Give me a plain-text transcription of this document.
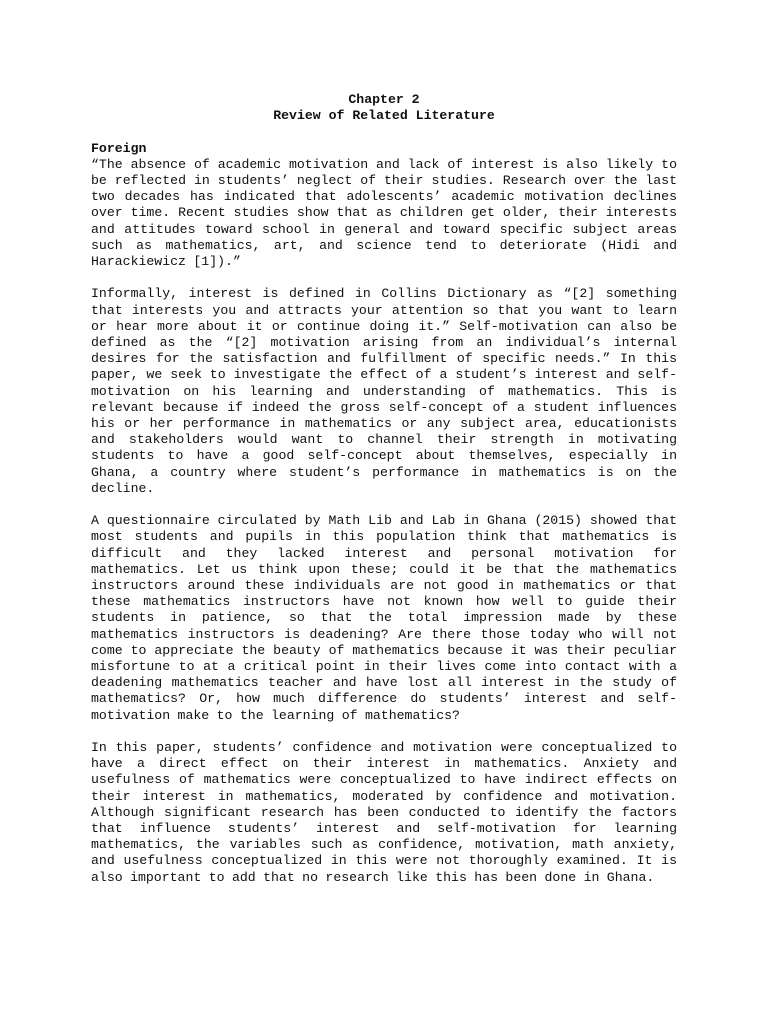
Chapter 2

Review of Related Literature

Foreign

“The absence of academic motivation and lack of interest is also likely to be reflected in students’ neglect of their studies. Research over the last two decades has indicated that adolescents’ academic motivation declines over time. Recent studies show that as children get older, their interests and attitudes toward school in general and toward specific subject areas such as mathematics, art, and science tend to deteriorate (Hidi and Harackiewicz [1]).”

Informally, interest is defined in Collins Dictionary as “[2] something that interests you and attracts your attention so that you want to learn or hear more about it or continue doing it.” Self-motivation can also be defined as the “[2] motivation arising from an individual’s internal desires for the satisfaction and fulfillment of specific needs.” In this paper, we seek to investigate the effect of a student’s interest and self-motivation on his learning and understanding of mathematics. This is relevant because if indeed the gross self-concept of a student influences his or her performance in mathematics or any subject area, educationists and stakeholders would want to channel their strength in motivating students to have a good self-concept about themselves, especially in Ghana, a country where student’s performance in mathematics is on the decline.

A questionnaire circulated by Math Lib and Lab in Ghana (2015) showed that most students and pupils in this population think that mathematics is difficult and they lacked interest and personal motivation for mathematics. Let us think upon these; could it be that the mathematics instructors around these individuals are not good in mathematics or that these mathematics instructors have not known how well to guide their students in patience, so that the total impression made by these mathematics instructors is deadening? Are there those today who will not come to appreciate the beauty of mathematics because it was their peculiar misfortune to at a critical point in their lives come into contact with a deadening mathematics teacher and have lost all interest in the study of mathematics? Or, how much difference do students’ interest and self-motivation make to the learning of mathematics?

In this paper, students’ confidence and motivation were conceptualized to have a direct effect on their interest in mathematics. Anxiety and usefulness of mathematics were conceptualized to have indirect effects on their interest in mathematics, moderated by confidence and motivation. Although significant research has been conducted to identify the factors that influence students’ interest and self-motivation for learning mathematics, the variables such as confidence, motivation, math anxiety, and usefulness conceptualized in this were not thoroughly examined. It is also important to add that no research like this has been done in Ghana.
